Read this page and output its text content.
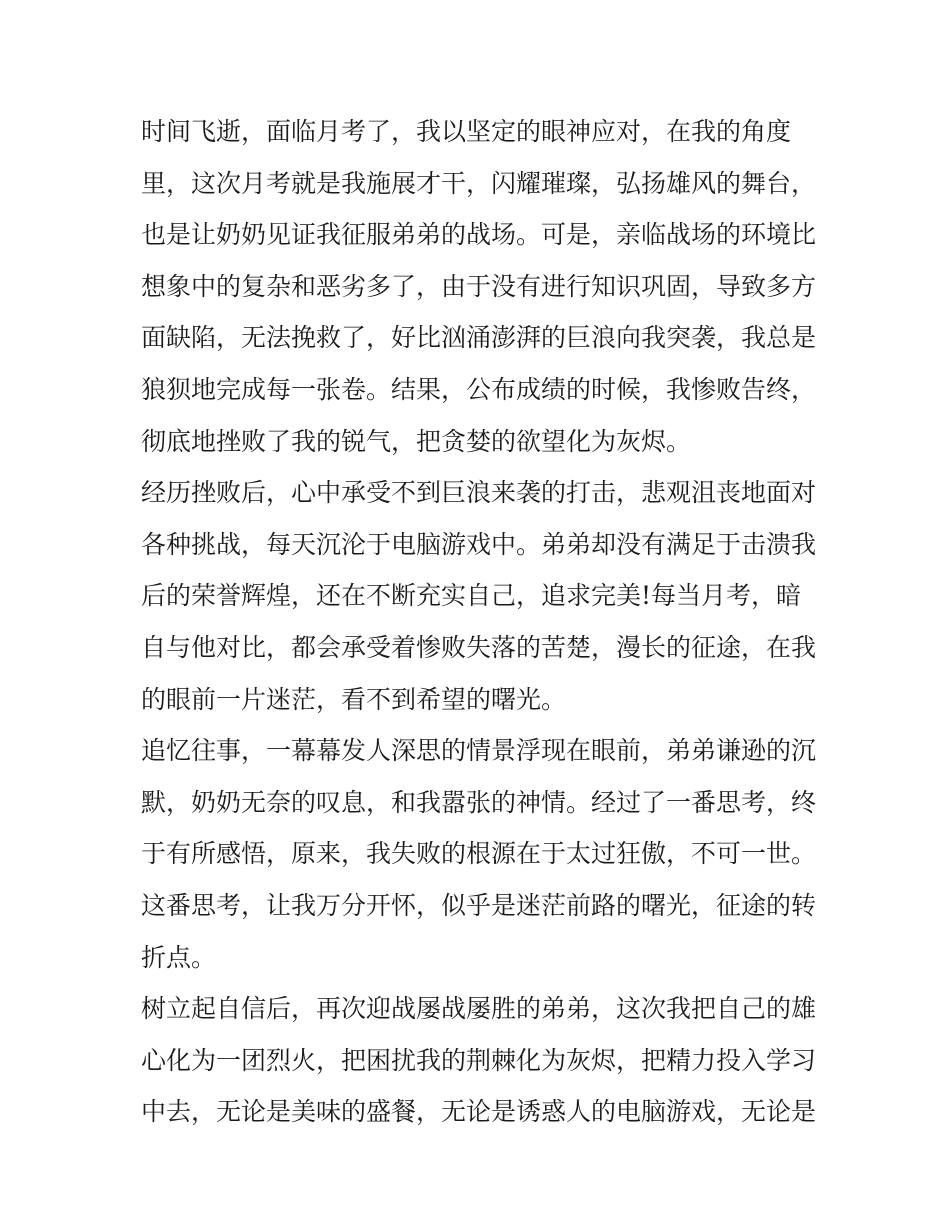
时间飞逝，面临月考了，我以坚定的眼神应对，在我的角度
里，这次月考就是我施展才干，闪耀璀璨，弘扬雄风的舞台，
也是让奶奶见证我征服弟弟的战场。可是，亲临战场的环境比
想象中的复杂和恶劣多了，由于没有进行知识巩固，导致多方
面缺陷，无法挽救了，好比汹涌澎湃的巨浪向我突袭，我总是
狼狈地完成每一张卷。结果，公布成绩的时候，我惨败告终，
彻底地挫败了我的锐气，把贪婪的欲望化为灰烬。
经历挫败后，心中承受不到巨浪来袭的打击，悲观沮丧地面对
各种挑战，每天沉沦于电脑游戏中。弟弟却没有满足于击溃我
后的荣誉辉煌，还在不断充实自己，追求完美!每当月考，暗
自与他对比，都会承受着惨败失落的苦楚，漫长的征途，在我
的眼前一片迷茫，看不到希望的曙光。
追忆往事，一幕幕发人深思的情景浮现在眼前，弟弟谦逊的沉
默，奶奶无奈的叹息，和我嚣张的神情。经过了一番思考，终
于有所感悟，原来，我失败的根源在于太过狂傲，不可一世。
这番思考，让我万分开怀，似乎是迷茫前路的曙光，征途的转
折点。
树立起自信后，再次迎战屡战屡胜的弟弟，这次我把自己的雄
心化为一团烈火，把困扰我的荆棘化为灰烬，把精力投入学习
中去，无论是美味的盛餐，无论是诱惑人的电脑游戏，无论是
